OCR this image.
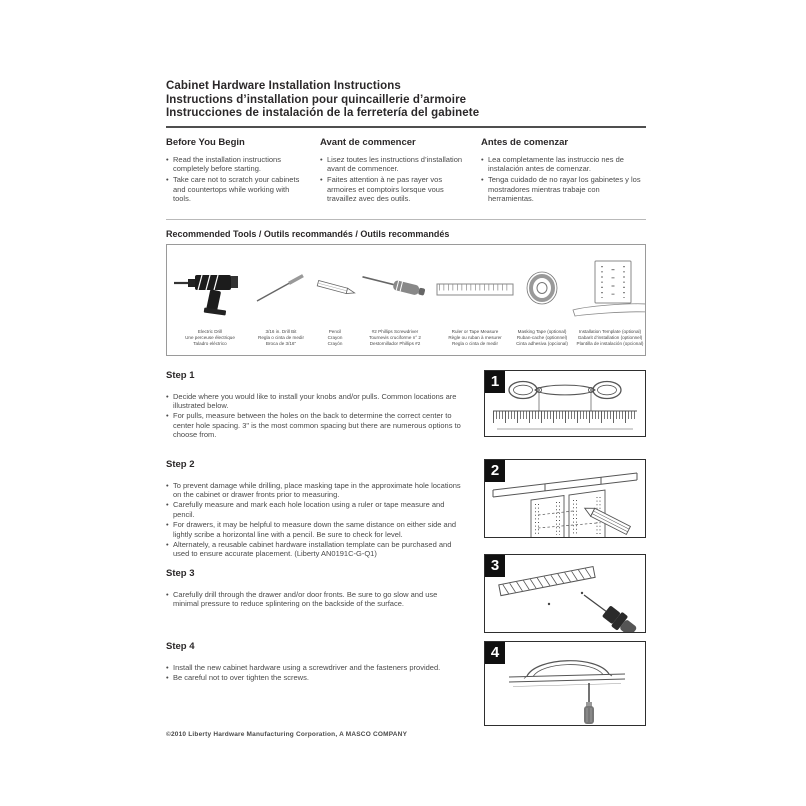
Cabinet Hardware Installation Instructions
Instructions d’installation pour quincaillerie d’armoire
Instrucciones de instalación de la ferretería del gabinete
Before You Begin
• Read the installation instructions completely before starting.
• Take care not to scratch your cabinets and countertops while working with tools.
Avant de commencer
• Lisez toutes les instructions d’installation avant de commencer.
• Faites attention à ne pas rayer vos armoires et comptoirs lorsque vous travaillez avec des outils.
Antes de comenzar
• Lea completamente las instruccio nes de instalación antes de comenzar.
• Tenga cuidado de no rayar los gabinetes y los mostradores mientras trabaje con herramientas.
Recommended Tools / Outils recommandés / Outils recommandés
Electric Drill
Une perceuse électrique
Taladro eléctrico
3/16 in. Drill Bit
Regla o cinta de medir
Broca de 3/16"
Pencil
Crayon
Crayón
#2 Phillips Screwdriver
Tournevis cruciforme n° 2
Destornillador Phillips #2
Ruler or Tape Measure
Règle ou ruban à mesurer
Regla o cinta de medir
Masking Tape (optional)
Ruban-cache (optionnel)
Cinta adhesiva (opcional)
Installation Template (optional)
Gabarit d’installation (optionnel)
Plantilla de instalación (opcional)
Step 1
• Decide where you would like to install your knobs and/or pulls. Common locations are illustrated below.
• For pulls, measure between the holes on the back to determine the correct center to center hole spacing. 3" is the most common spacing but there are numerous options to choose from.
1
Step 2
• To prevent damage while drilling, place masking tape in the approximate hole locations on the cabinet or drawer fronts prior to measuring.
• Carefully measure and mark each hole location using a ruler or tape measure and pencil.
• For drawers, it may be helpful to measure down the same distance on either side and lightly scribe a horizontal line with a pencil. Be sure to check for level.
• Alternately, a reusable cabinet hardware installation template can be purchased and used to ensure accurate placement. (Liberty AN0191C-G-Q1)
2
Step 3
• Carefully drill through the drawer and/or door fronts. Be sure to go slow and use minimal pressure to reduce splintering on the backside of the surface.
3
Step 4
• Install the new cabinet hardware using a screwdriver and the fasteners provided.
• Be careful not to over tighten the screws.
4
©2010 Liberty Hardware Manufacturing Corporation, A MASCO COMPANY
